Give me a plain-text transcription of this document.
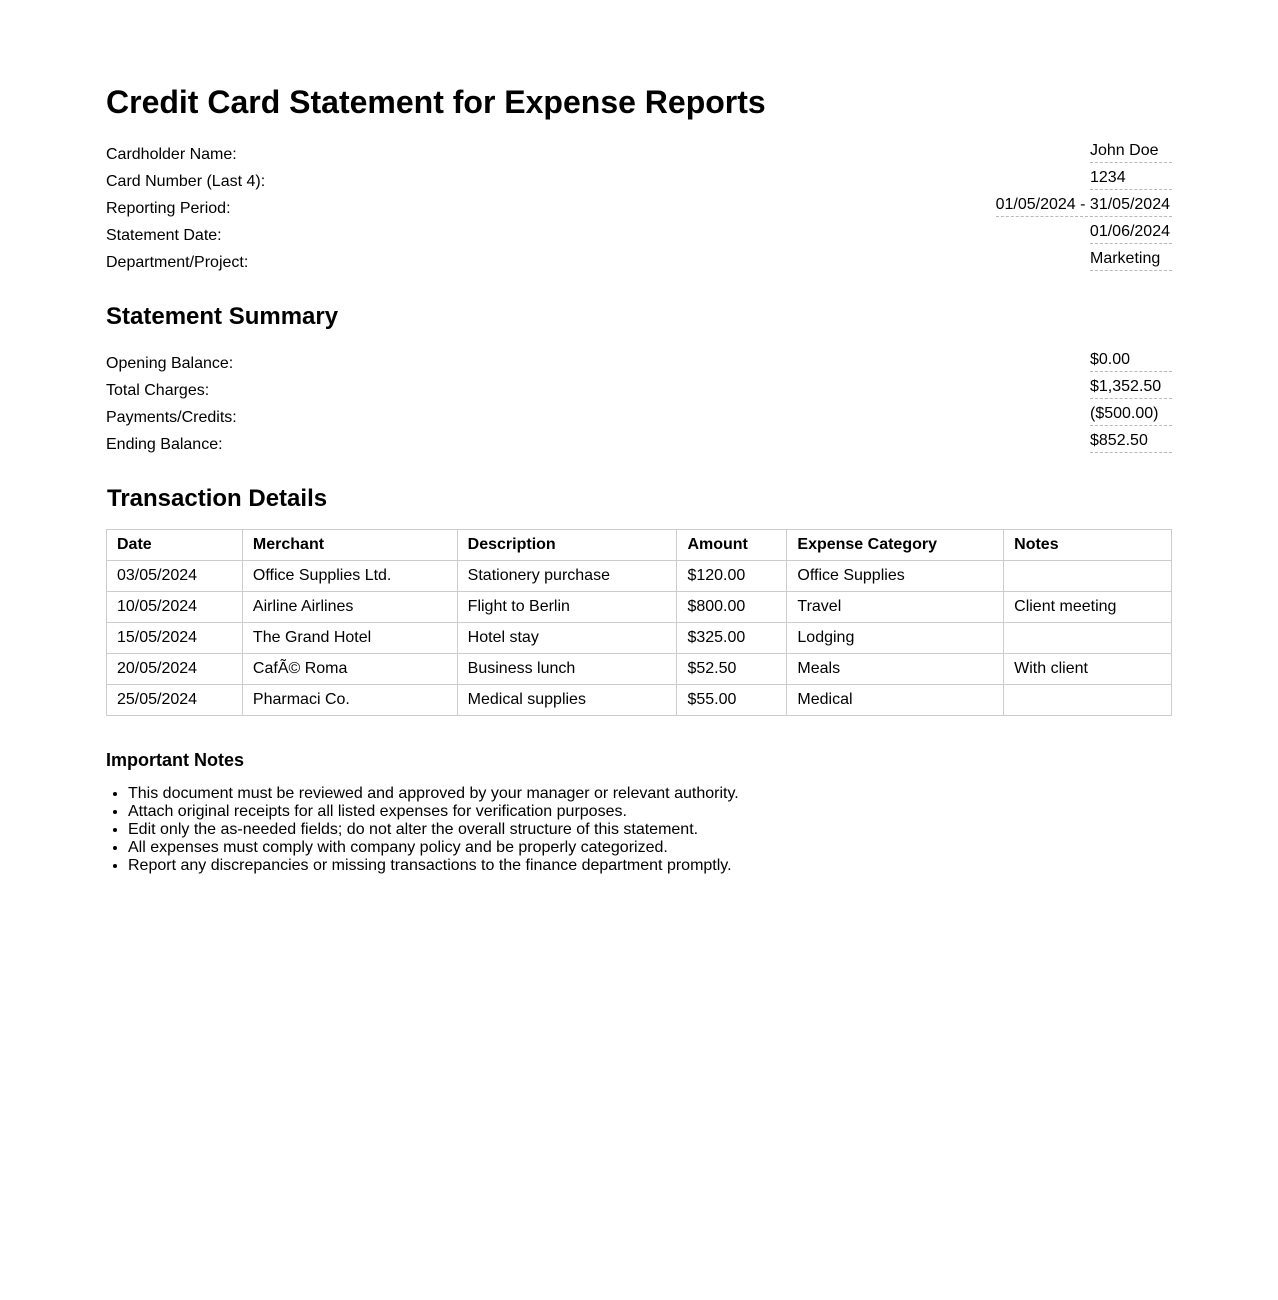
Credit Card Statement for Expense Reports
Cardholder Name:	John Doe
Card Number (Last 4):	1234
Reporting Period:	01/05/2024 - 31/05/2024
Statement Date:	01/06/2024
Department/Project:	Marketing
Statement Summary
Opening Balance:	$0.00
Total Charges:	$1,352.50
Payments/Credits:	($500.00)
Ending Balance:	$852.50
Transaction Details
Date	Merchant	Description	Amount	Expense Category	Notes
03/05/2024	Office Supplies Ltd.	Stationery purchase	$120.00	Office Supplies	
10/05/2024	Airline Airlines	Flight to Berlin	$800.00	Travel	Client meeting
15/05/2024	The Grand Hotel	Hotel stay	$325.00	Lodging	
20/05/2024	CafÃ© Roma	Business lunch	$52.50	Meals	With client
25/05/2024	Pharmaci Co.	Medical supplies	$55.00	Medical	
Important Notes
• This document must be reviewed and approved by your manager or relevant authority.
• Attach original receipts for all listed expenses for verification purposes.
• Edit only the as-needed fields; do not alter the overall structure of this statement.
• All expenses must comply with company policy and be properly categorized.
• Report any discrepancies or missing transactions to the finance department promptly.
